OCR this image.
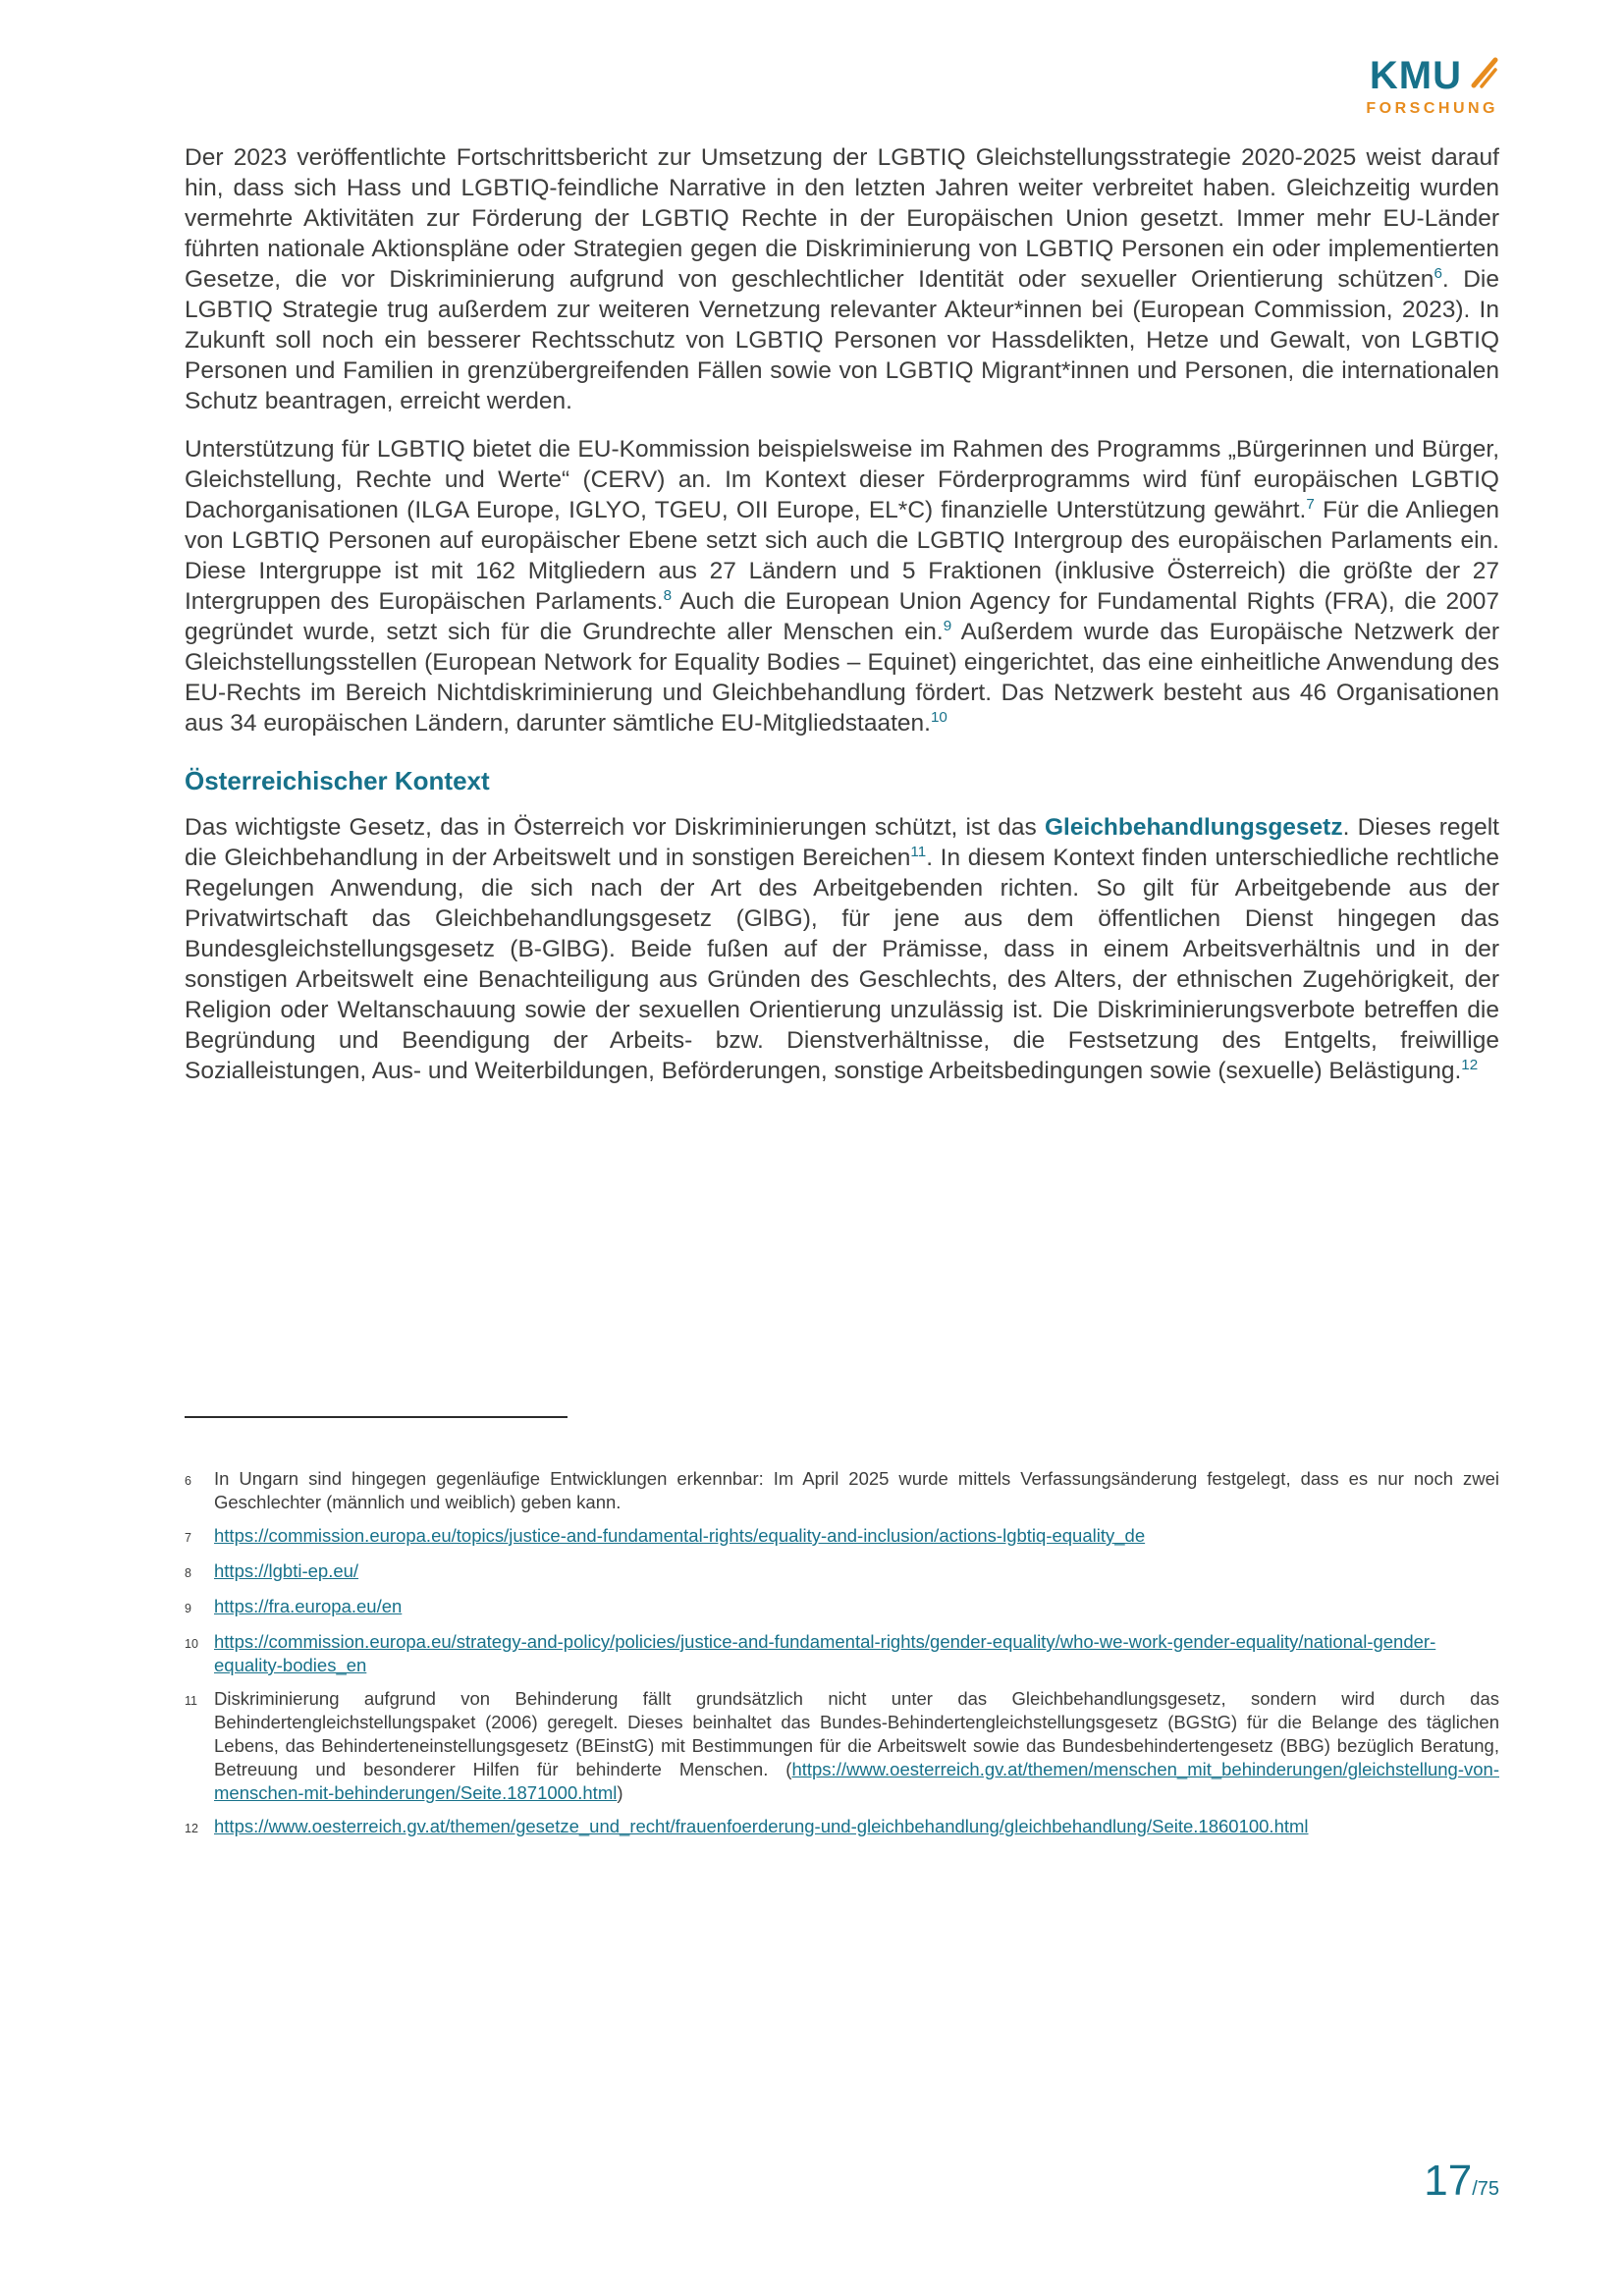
KMU
FORSCHUNG

Der 2023 veröffentlichte Fortschrittsbericht zur Umsetzung der LGBTIQ Gleichstellungsstrategie 2020-2025 weist darauf hin, dass sich Hass und LGBTIQ-feindliche Narrative in den letzten Jahren weiter verbreitet haben. Gleichzeitig wurden vermehrte Aktivitäten zur Förderung der LGBTIQ Rechte in der Europäischen Union gesetzt. Immer mehr EU-Länder führten nationale Aktionspläne oder Strategien gegen die Diskriminierung von LGBTIQ Personen ein oder implementierten Gesetze, die vor Diskriminierung aufgrund von geschlechtlicher Identität oder sexueller Orientierung schützen$^6$. Die LGBTIQ Strategie trug außerdem zur weiteren Vernetzung relevanter Akteur*innen bei (European Commission, 2023). In Zukunft soll noch ein besserer Rechtsschutz von LGBTIQ Personen vor Hassdelikten, Hetze und Gewalt, von LGBTIQ Personen und Familien in grenzübergreifenden Fällen sowie von LGBTIQ Migrant*innen und Personen, die internationalen Schutz beantragen, erreicht werden.

Unterstützung für LGBTIQ bietet die EU-Kommission beispielsweise im Rahmen des Programms „Bürgerinnen und Bürger, Gleichstellung, Rechte und Werte“ (CERV) an. Im Kontext dieser Förderprogramms wird fünf europäischen LGBTIQ Dachorganisationen (ILGA Europe, IGLYO, TGEU, OII Europe, EL*C) finanzielle Unterstützung gewährt.$^7$ Für die Anliegen von LGBTIQ Personen auf europäischer Ebene setzt sich auch die LGBTIQ Intergroup des europäischen Parlaments ein. Diese Intergruppe ist mit 162 Mitgliedern aus 27 Ländern und 5 Fraktionen (inklusive Österreich) die größte der 27 Intergruppen des Europäischen Parlaments.$^8$ Auch die European Union Agency for Fundamental Rights (FRA), die 2007 gegründet wurde, setzt sich für die Grundrechte aller Menschen ein.$^9$ Außerdem wurde das Europäische Netzwerk der Gleichstellungsstellen (European Network for Equality Bodies – Equinet) eingerichtet, das eine einheitliche Anwendung des EU-Rechts im Bereich Nichtdiskriminierung und Gleichbehandlung fördert. Das Netzwerk besteht aus 46 Organisationen aus 34 europäischen Ländern, darunter sämtliche EU-Mitgliedstaaten.$^{10}$

Österreichischer Kontext

Das wichtigste Gesetz, das in Österreich vor Diskriminierungen schützt, ist das Gleichbehandlungsgesetz. Dieses regelt die Gleichbehandlung in der Arbeitswelt und in sonstigen Bereichen$^{11}$. In diesem Kontext finden unterschiedliche rechtliche Regelungen Anwendung, die sich nach der Art des Arbeitgebenden richten. So gilt für Arbeitgebende aus der Privatwirtschaft das Gleichbehandlungsgesetz (GlBG), für jene aus dem öffentlichen Dienst hingegen das Bundesgleichstellungsgesetz (B-GlBG). Beide fußen auf der Prämisse, dass in einem Arbeitsverhältnis und in der sonstigen Arbeitswelt eine Benachteiligung aus Gründen des Geschlechts, des Alters, der ethnischen Zugehörigkeit, der Religion oder Weltanschauung sowie der sexuellen Orientierung unzulässig ist. Die Diskriminierungsverbote betreffen die Begründung und Beendigung der Arbeits- bzw. Dienstverhältnisse, die Festsetzung des Entgelts, freiwillige Sozialleistungen, Aus- und Weiterbildungen, Beförderungen, sonstige Arbeitsbedingungen sowie (sexuelle) Belästigung.$^{12}$

6	In Ungarn sind hingegen gegenläufige Entwicklungen erkennbar: Im April 2025 wurde mittels Verfassungsänderung festgelegt, dass es nur noch zwei Geschlechter (männlich und weiblich) geben kann.
7	https://commission.europa.eu/topics/justice-and-fundamental-rights/equality-and-inclusion/actions-lgbtiq-equality_de
8	https://lgbti-ep.eu/
9	https://fra.europa.eu/en
10 https://commission.europa.eu/strategy-and-policy/policies/justice-and-fundamental-rights/gender-equality/who-we-work-gender-equality/national-gender-equality-bodies_en
11 Diskriminierung aufgrund von Behinderung fällt grundsätzlich nicht unter das Gleichbehandlungsgesetz, sondern wird durch das Behindertengleichstellungspaket (2006) geregelt. Dieses beinhaltet das Bundes-Behindertengleichstellungsgesetz (BGStG) für die Belange des täglichen Lebens, das Behinderteneinstellungsgesetz (BEinstG) mit Bestimmungen für die Arbeitswelt sowie das Bundesbehindertengesetz (BBG) bezüglich Beratung, Betreuung und besonderer Hilfen für behinderte Menschen. (https://www.oesterreich.gv.at/themen/menschen_mit_behinderungen/gleichstellung-von-menschen-mit-behinderungen/Seite.1871000.html)
12 https://www.oesterreich.gv.at/themen/gesetze_und_recht/frauenfoerderung-und-gleichbehandlung/gleichbehandlung/Seite.1860100.html
17 /75
